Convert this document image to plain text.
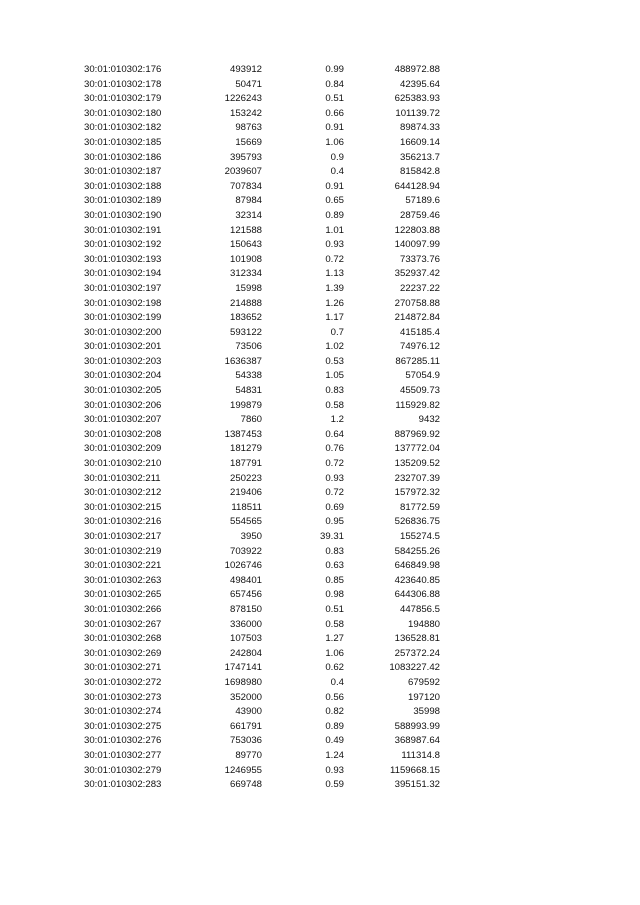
30:01:010302:176	493912	0.99	488972.88
30:01:010302:178	50471	0.84	42395.64
30:01:010302:179	1226243	0.51	625383.93
30:01:010302:180	153242	0.66	101139.72
30:01:010302:182	98763	0.91	89874.33
30:01:010302:185	15669	1.06	16609.14
30:01:010302:186	395793	0.9	356213.7
30:01:010302:187	2039607	0.4	815842.8
30:01:010302:188	707834	0.91	644128.94
30:01:010302:189	87984	0.65	57189.6
30:01:010302:190	32314	0.89	28759.46
30:01:010302:191	121588	1.01	122803.88
30:01:010302:192	150643	0.93	140097.99
30:01:010302:193	101908	0.72	73373.76
30:01:010302:194	312334	1.13	352937.42
30:01:010302:197	15998	1.39	22237.22
30:01:010302:198	214888	1.26	270758.88
30:01:010302:199	183652	1.17	214872.84
30:01:010302:200	593122	0.7	415185.4
30:01:010302:201	73506	1.02	74976.12
30:01:010302:203	1636387	0.53	867285.11
30:01:010302:204	54338	1.05	57054.9
30:01:010302:205	54831	0.83	45509.73
30:01:010302:206	199879	0.58	115929.82
30:01:010302:207	7860	1.2	9432
30:01:010302:208	1387453	0.64	887969.92
30:01:010302:209	181279	0.76	137772.04
30:01:010302:210	187791	0.72	135209.52
30:01:010302:211	250223	0.93	232707.39
30:01:010302:212	219406	0.72	157972.32
30:01:010302:215	118511	0.69	81772.59
30:01:010302:216	554565	0.95	526836.75
30:01:010302:217	3950	39.31	155274.5
30:01:010302:219	703922	0.83	584255.26
30:01:010302:221	1026746	0.63	646849.98
30:01:010302:263	498401	0.85	423640.85
30:01:010302:265	657456	0.98	644306.88
30:01:010302:266	878150	0.51	447856.5
30:01:010302:267	336000	0.58	194880
30:01:010302:268	107503	1.27	136528.81
30:01:010302:269	242804	1.06	257372.24
30:01:010302:271	1747141	0.62	1083227.42
30:01:010302:272	1698980	0.4	679592
30:01:010302:273	352000	0.56	197120
30:01:010302:274	43900	0.82	35998
30:01:010302:275	661791	0.89	588993.99
30:01:010302:276	753036	0.49	368987.64
30:01:010302:277	89770	1.24	111314.8
30:01:010302:279	1246955	0.93	1159668.15
30:01:010302:283	669748	0.59	395151.32
